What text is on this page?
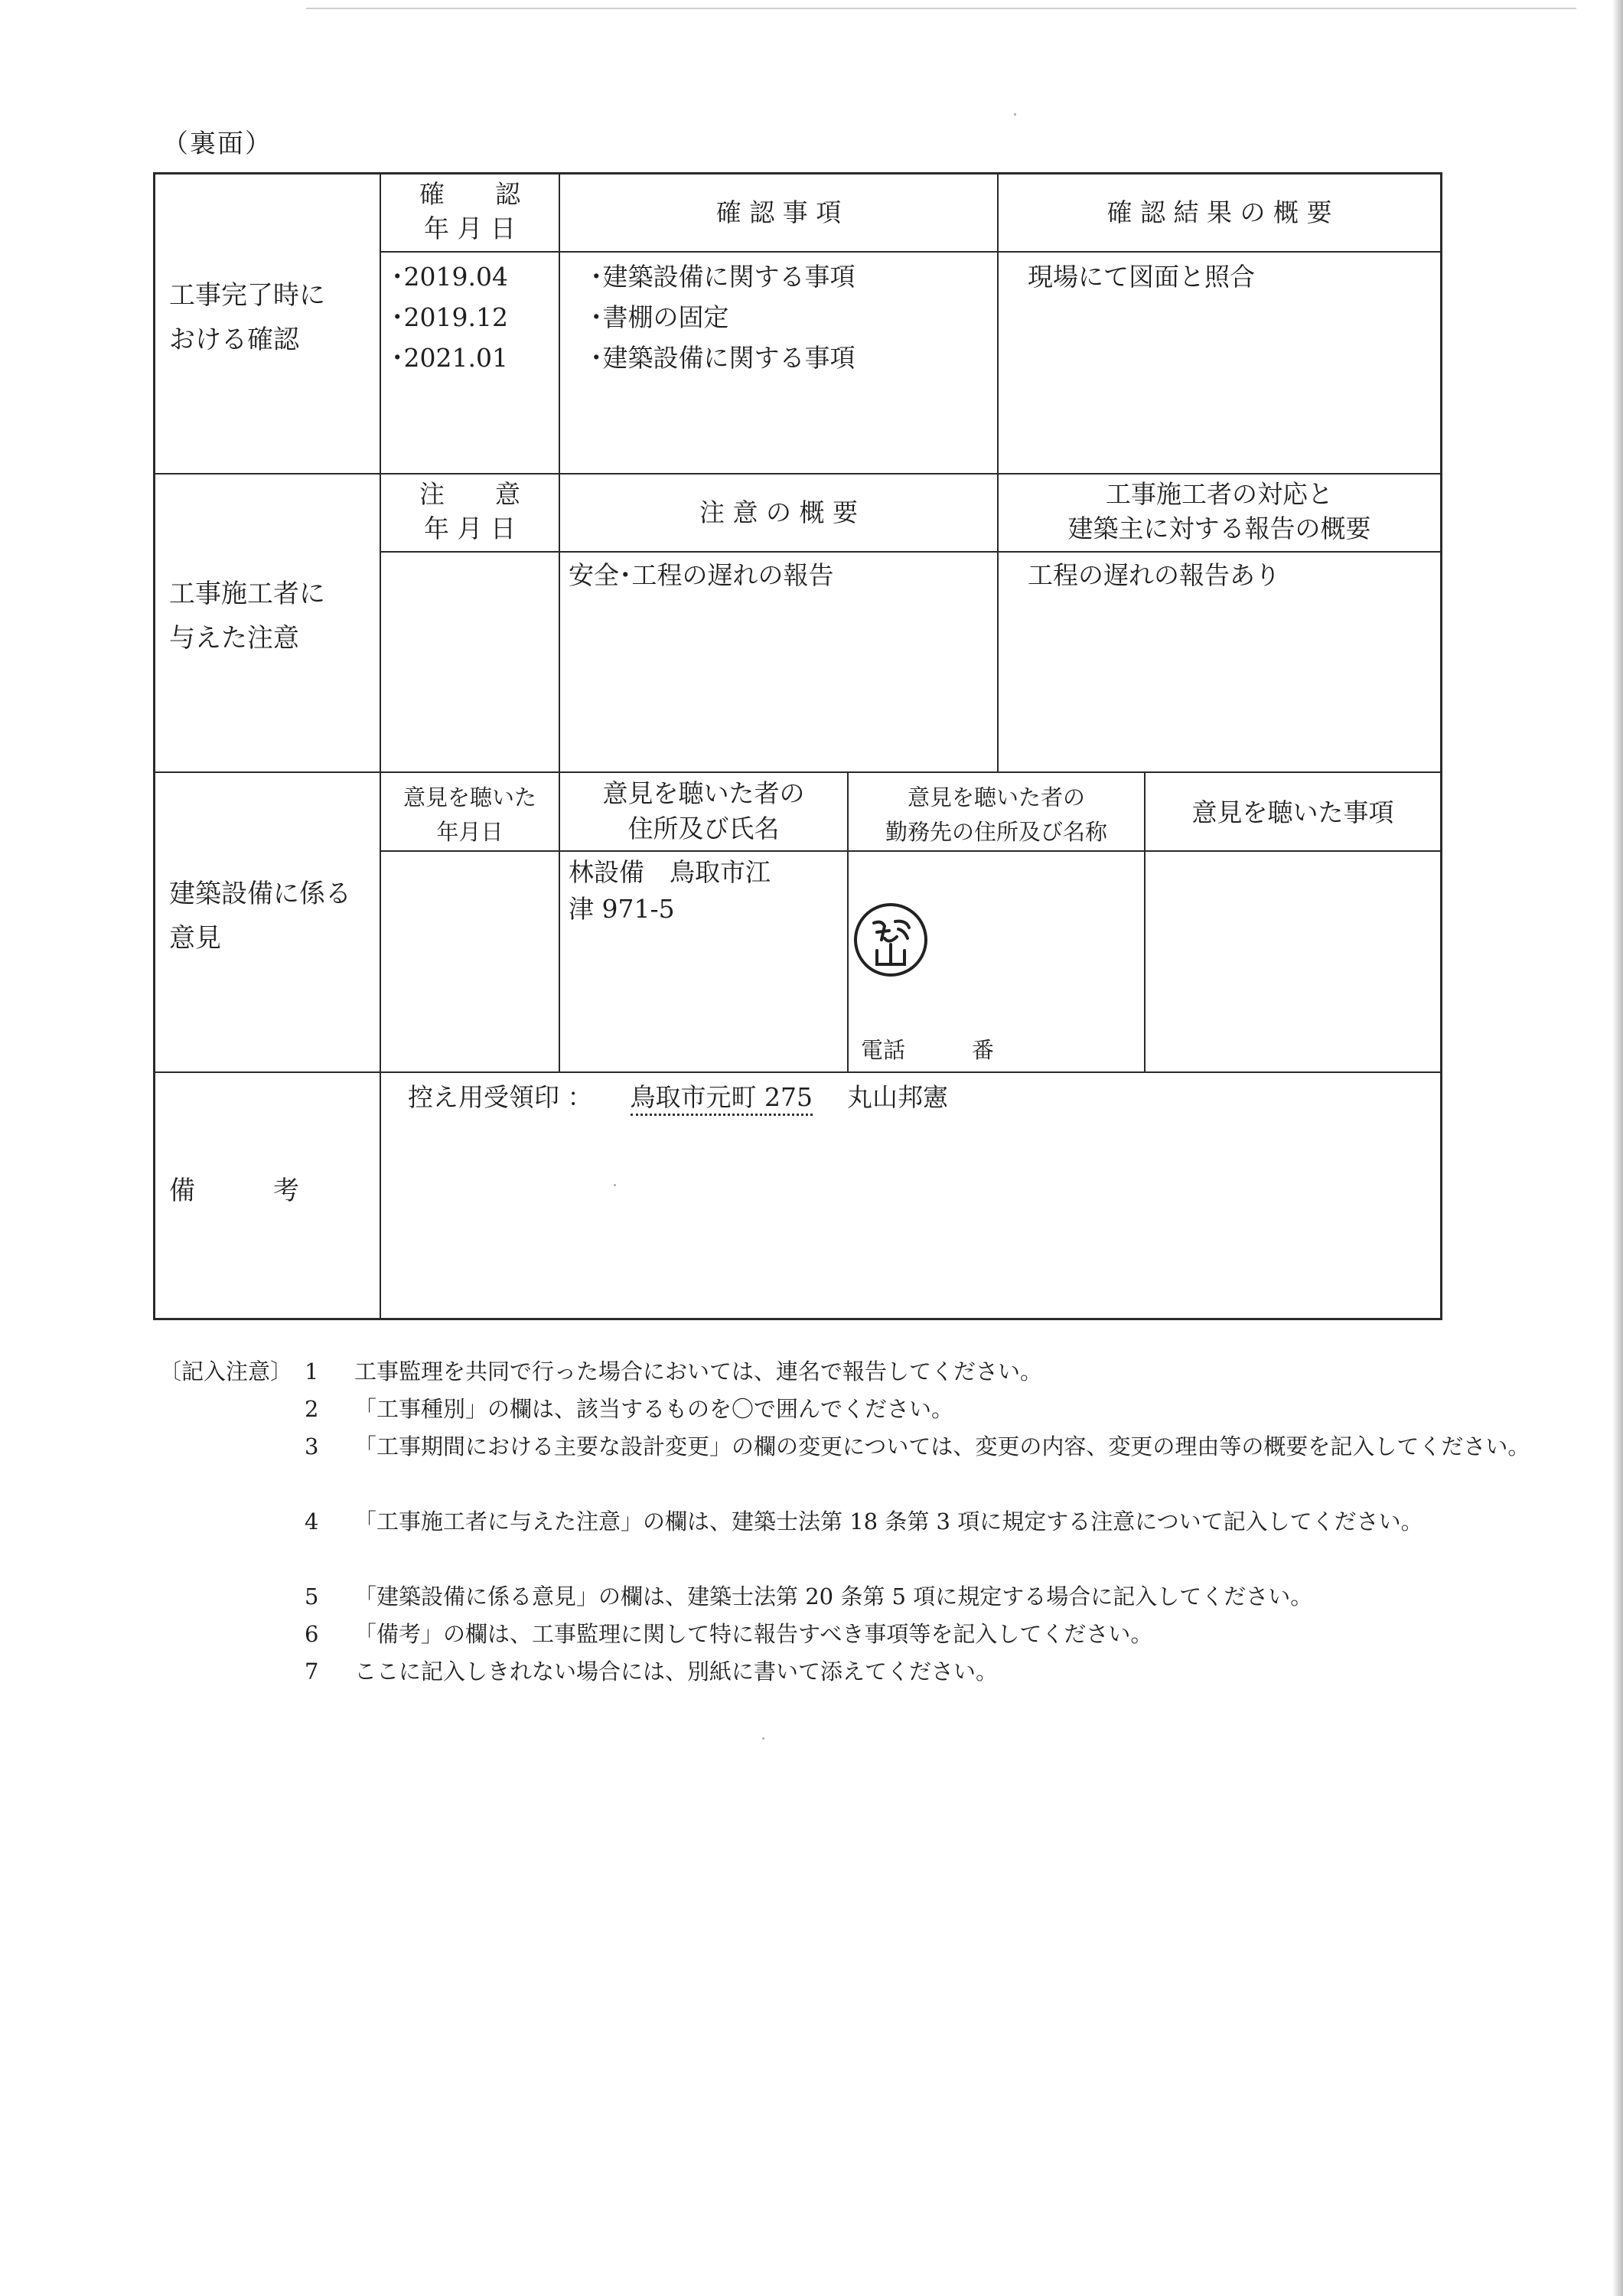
（裏面）
工事完了時に
おける確認
確　　認
年 月 日
確 認 事 項	確 認 結 果 の 概 要
･2019.04
･2019.12
･2021.01
･建築設備に関する事項
･書棚の固定
･建築設備に関する事項
現場にて図面と照合
工事施工者に
与えた注意
注　　意
年 月 日
注 意 の 概 要
工事施工者の対応と
建築主に対する報告の概要
安全･工程の遅れの報告	工程の遅れの報告あり
建築設備に係る
意見
意見を聴いた
年月日
意見を聴いた者の
住所及び氏名
意見を聴いた者の
勤務先の住所及び名称
意見を聴いた事項
林設備　鳥取市江
津 971-5
電話　　　番
備　　　考
控え用受領印 ： 鳥取市元町 275 丸山邦憲
〔記入注意〕 1 工事監理を共同で行った場合においては、連名で報告してください。
2 「工事種別」の欄は、該当するものを〇で囲んでください。
3 「工事期間における主要な設計変更」の欄の変更については、変更の内容、変更の理由等の概要を記入してください。
4 「工事施工者に与えた注意」の欄は、建築士法第 18 条第 3 項に規定する注意について記入してください。
5 「建築設備に係る意見」の欄は、建築士法第 20 条第 5 項に規定する場合に記入してください。
6 「備考」の欄は、工事監理に関して特に報告すべき事項等を記入してください。
7 ここに記入しきれない場合には、別紙に書いて添えてください。
